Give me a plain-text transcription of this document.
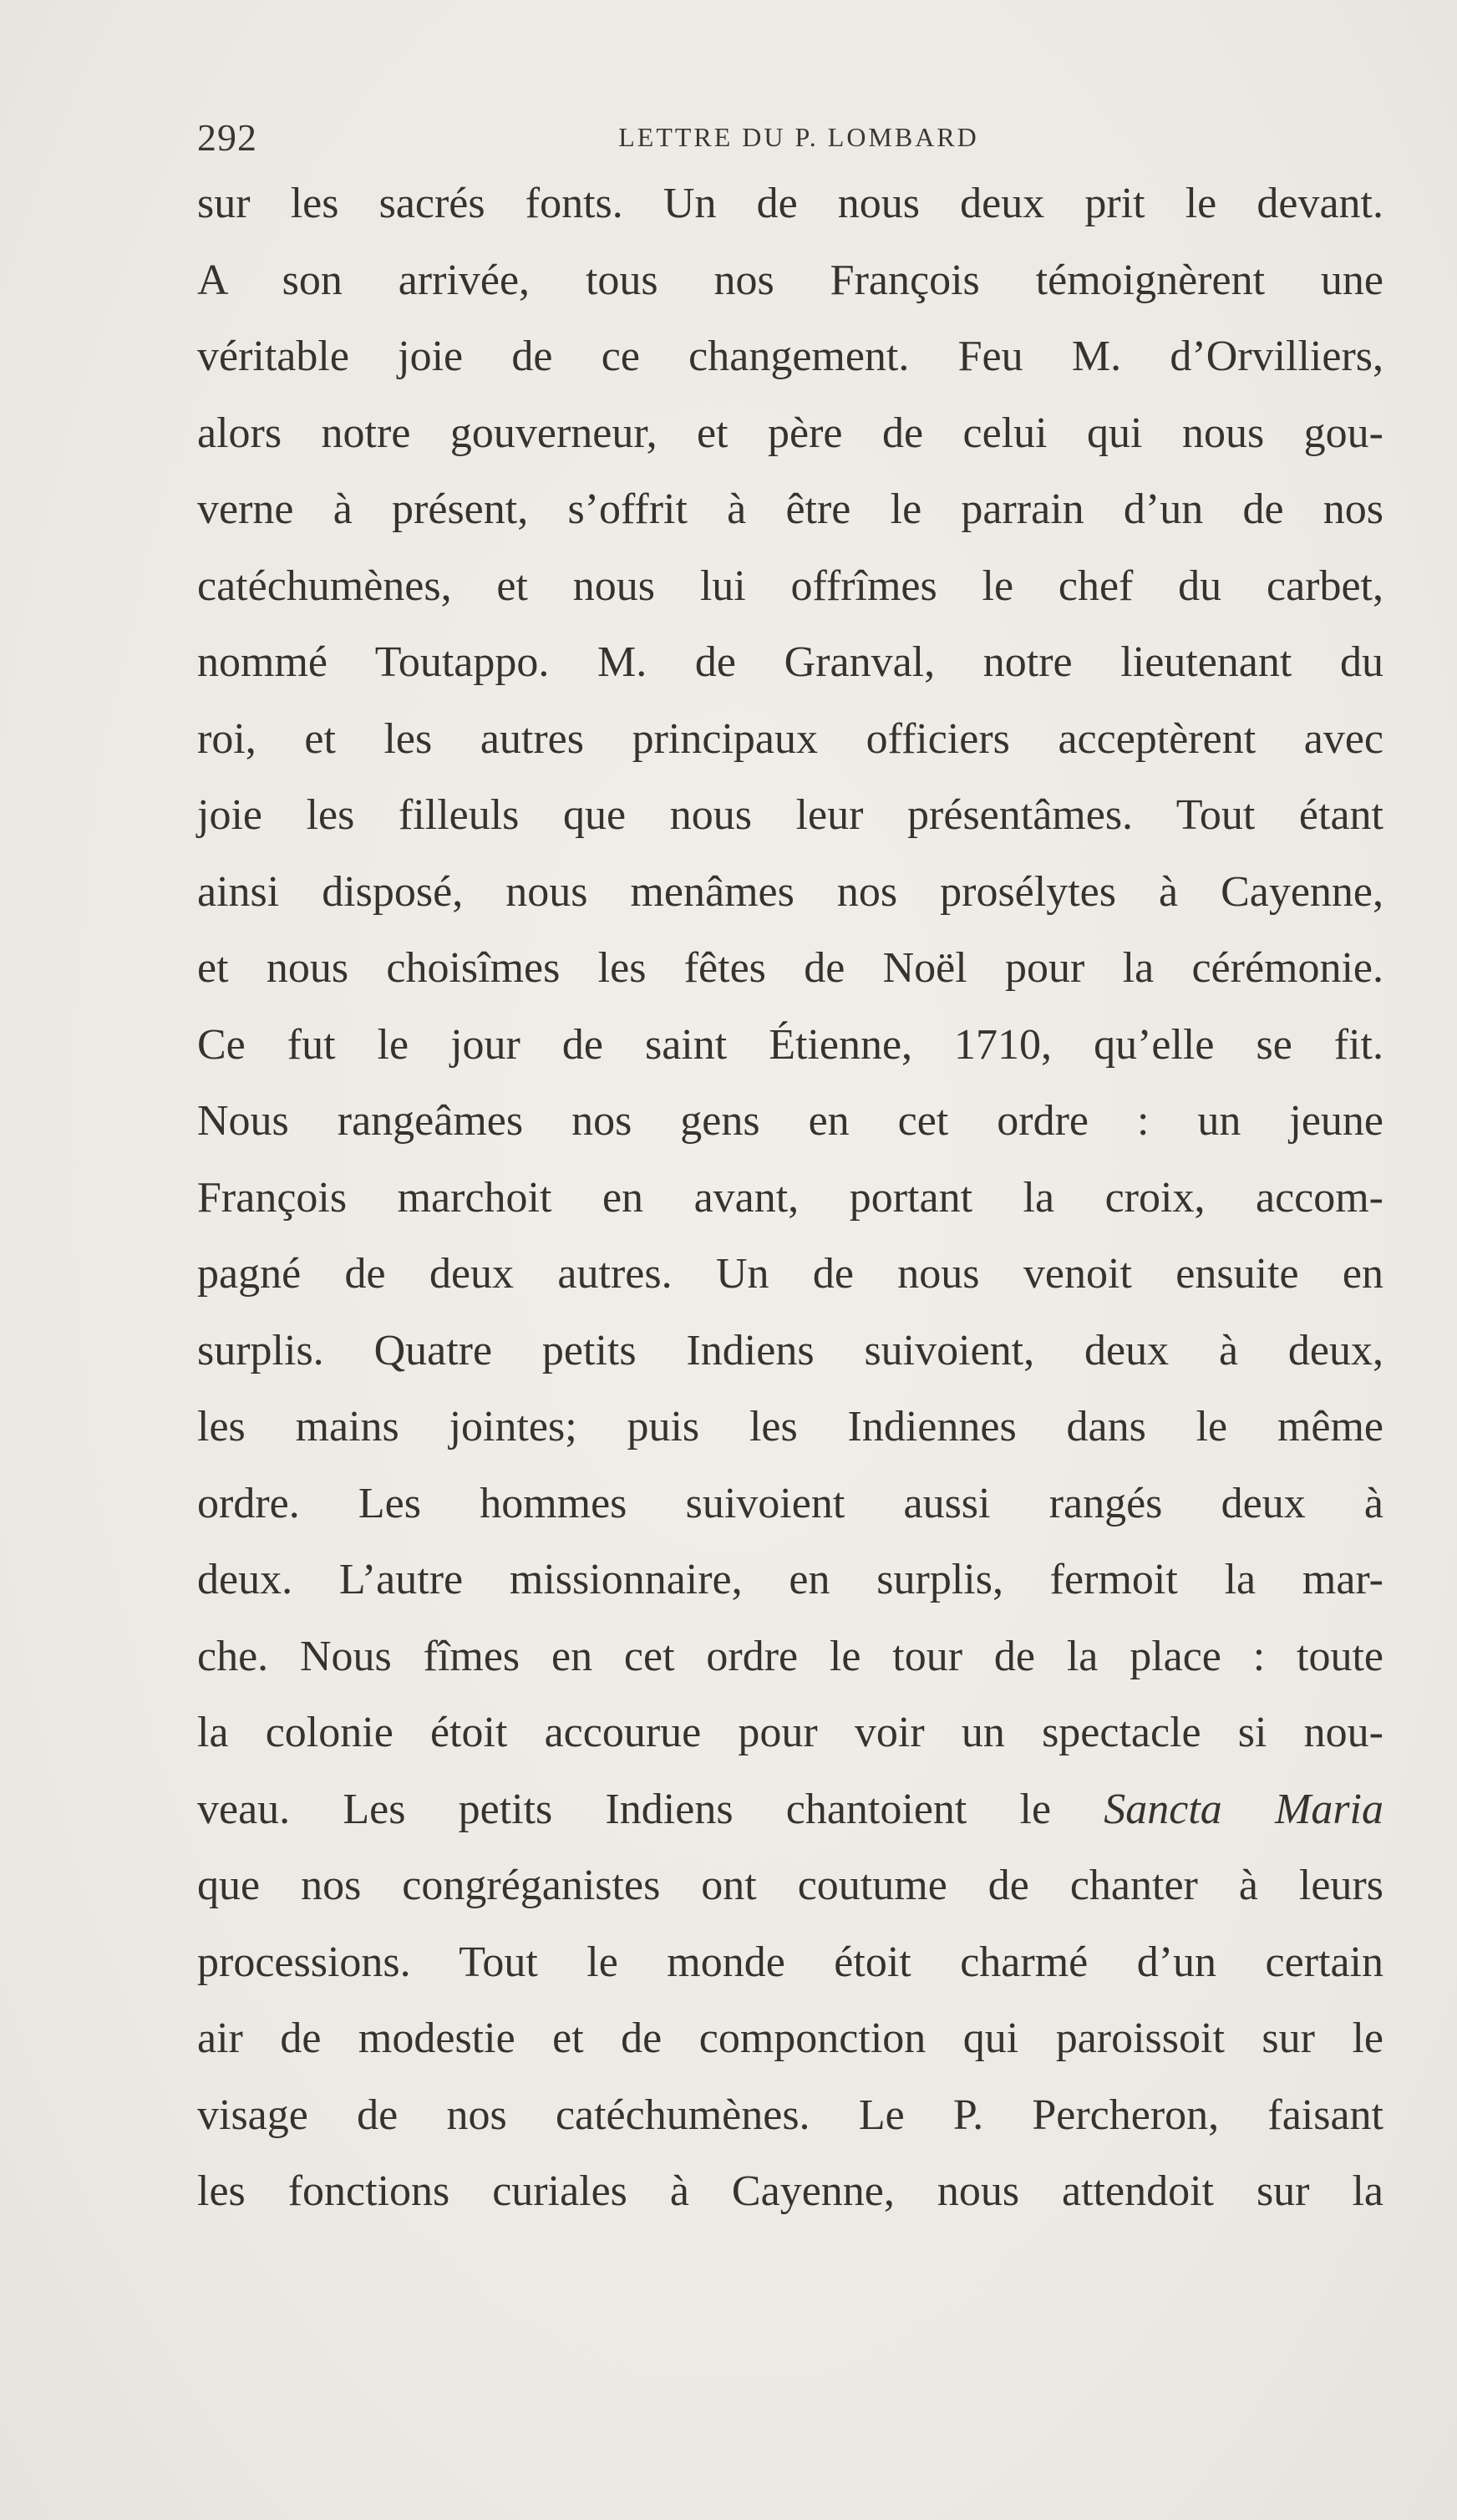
292	LETTRE DU P. LOMBARD
sur les sacrés fonts. Un de nous deux prit le devant.
A son arrivée, tous nos François témoignèrent une
véritable joie de ce changement. Feu M. d’Orvilliers,
alors notre gouverneur, et père de celui qui nous gou-
verne à présent, s’offrit à être le parrain d’un de nos
catéchumènes, et nous lui offrîmes le chef du carbet,
nommé Toutappo. M. de Granval, notre lieutenant du
roi, et les autres principaux officiers acceptèrent avec
joie les filleuls que nous leur présentâmes. Tout étant
ainsi disposé, nous menâmes nos prosélytes à Cayenne,
et nous choisîmes les fêtes de Noël pour la cérémonie.
Ce fut le jour de saint Étienne, 1710, qu’elle se fit.
Nous rangeâmes nos gens en cet ordre : un jeune
François marchoit en avant, portant la croix, accom-
pagné de deux autres. Un de nous venoit ensuite en
surplis. Quatre petits Indiens suivoient, deux à deux,
les mains jointes; puis les Indiennes dans le même
ordre. Les hommes suivoient aussi rangés deux à
deux. L’autre missionnaire, en surplis, fermoit la mar-
che. Nous fîmes en cet ordre le tour de la place : toute
la colonie étoit accourue pour voir un spectacle si nou-
veau. Les petits Indiens chantoient le Sancta Maria
que nos congréganistes ont coutume de chanter à leurs
processions. Tout le monde étoit charmé d’un certain
air de modestie et de componction qui paroissoit sur le
visage de nos catéchumènes. Le P. Percheron, faisant
les fonctions curiales à Cayenne, nous attendoit sur la
